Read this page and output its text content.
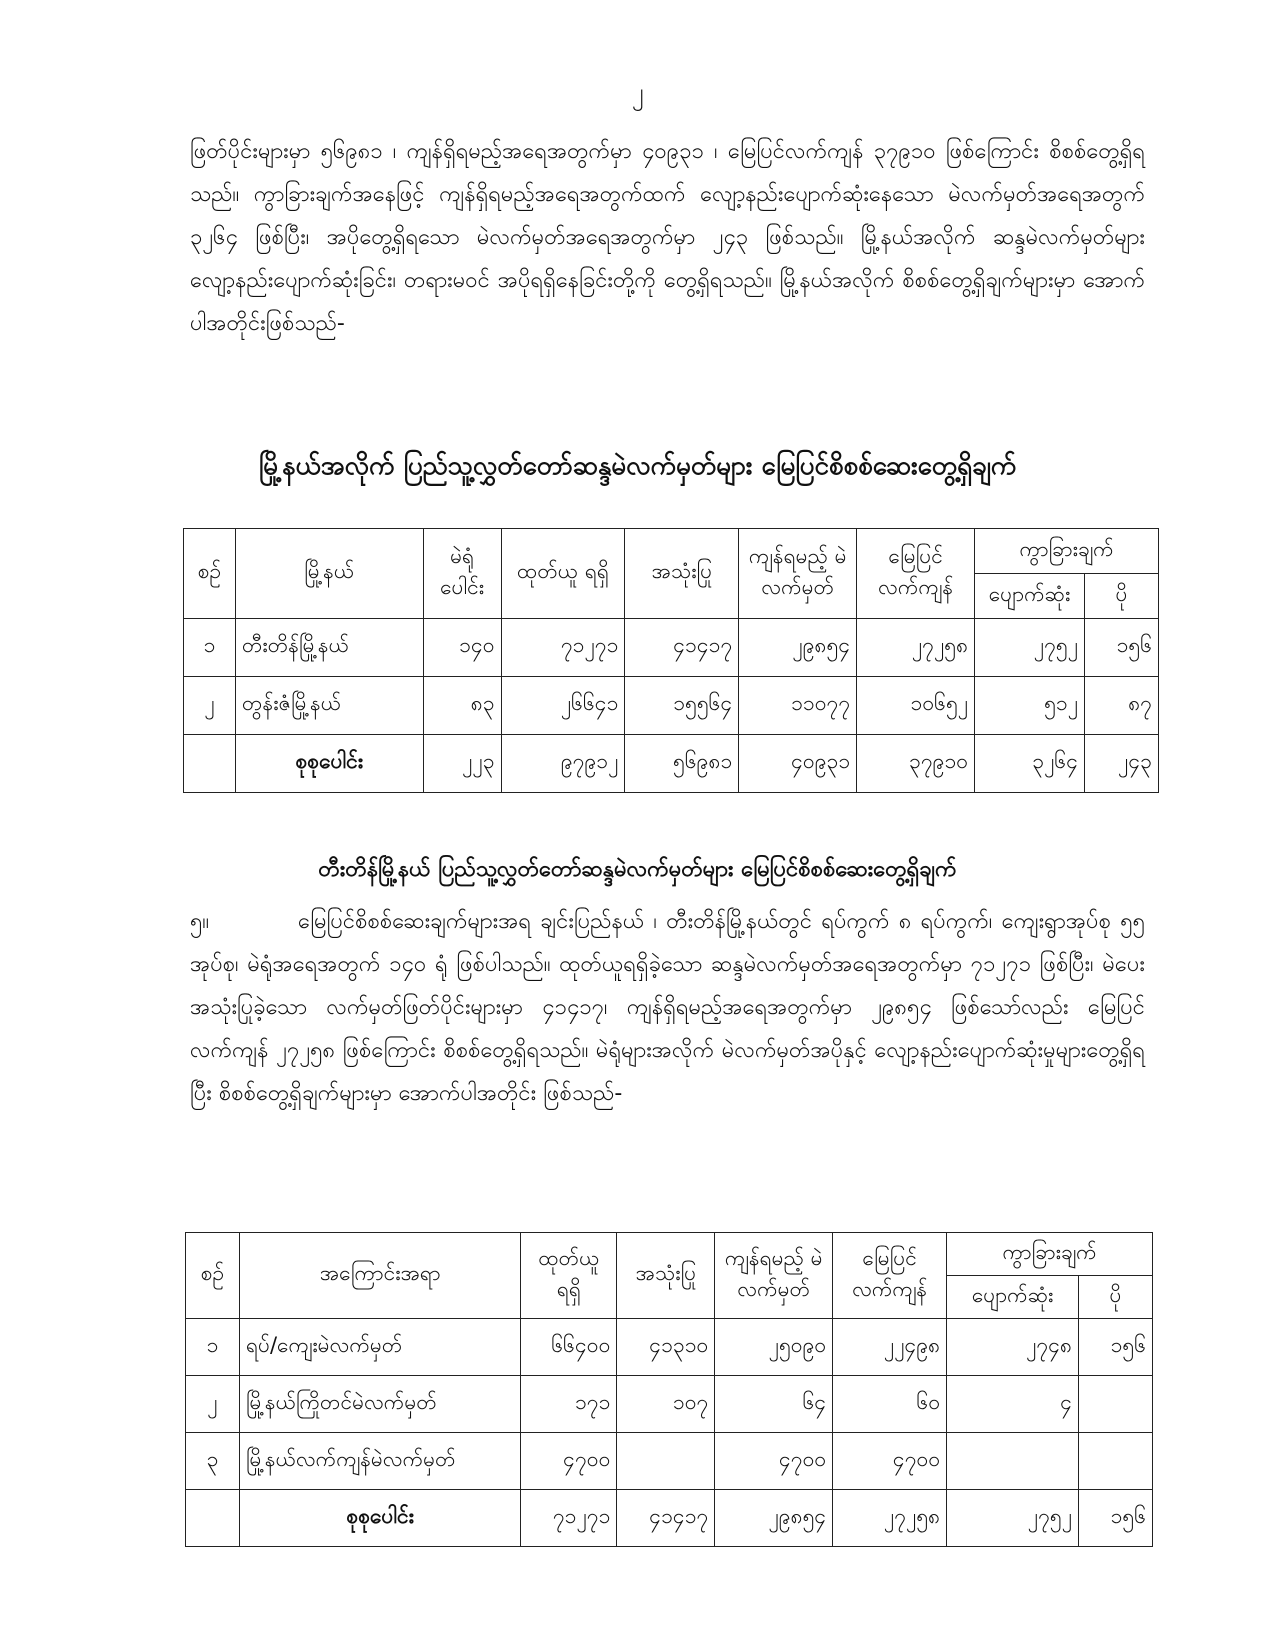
၂
ဖြတ်ပိုင်းများမှာ ၅၆၉၈၁ ၊ ကျန်ရှိရမည့်အရေအတွက်မှာ ၄၀၉၃၁ ၊ မြေပြင်လက်ကျန် ၃၇၉၁၀ ဖြစ်ကြောင်း စိစစ်တွေ့ရှိရသည်။ ကွာခြားချက်အနေဖြင့် ကျန်ရှိရမည့်အရေအတွက်ထက် လျော့နည်းပျောက်ဆုံးနေသော မဲလက်မှတ်အရေအတွက် ၃၂၆၄ ဖြစ်ပြီး၊ အပိုတွေ့ရှိရသော မဲလက်မှတ်အရေအတွက်မှာ ၂၄၃ ဖြစ်သည်။ မြို့နယ်အလိုက် ဆန္ဒမဲလက်မှတ်များ လျော့နည်းပျောက်ဆုံးခြင်း၊ တရားမဝင် အပိုရရှိနေခြင်းတို့ကို တွေ့ရှိရသည်။ မြို့နယ်အလိုက် စိစစ်တွေ့ရှိချက်များမှာ အောက်ပါအတိုင်းဖြစ်သည်-
မြို့နယ်အလိုက် ပြည်သူ့လွှတ်တော်ဆန္ဒမဲလက်မှတ်များ မြေပြင်စိစစ်ဆေးတွေ့ရှိချက်
စဉ်	မြို့နယ်	မဲရုံ ပေါင်း	ထုတ်ယူ ရရှိ	အသုံးပြု	ကျန်ရမည့် မဲလက်မှတ်	မြေပြင် လက်ကျန်	ကွာခြားချက်	
							ပျောက်ဆုံး	ပို
၁	တီးတိန်မြို့နယ်	၁၄၀	၇၁၂၇၁	၄၁၄၁၇	၂၉၈၅၄	၂၇၂၅၈	၂၇၅၂	၁၅၆
၂	တွန်းဇံမြို့နယ်	၈၃	၂၆၆၄၁	၁၅၅၆၄	၁၁၀၇၇	၁၀၆၅၂	၅၁၂	၈၇
	စုစုပေါင်း	၂၂၃	၉၇၉၁၂	၅၆၉၈၁	၄၀၉၃၁	၃၇၉၁၀	၃၂၆၄	၂၄၃
တီးတိန်မြို့နယ် ပြည်သူ့လွှတ်တော်ဆန္ဒမဲလက်မှတ်များ မြေပြင်စိစစ်ဆေးတွေ့ရှိချက်
၅။	မြေပြင်စိစစ်ဆေးချက်များအရ ချင်းပြည်နယ် ၊ တီးတိန်မြို့နယ်တွင် ရပ်ကွက် ၈ ရပ်ကွက်၊ ကျေးရွာအုပ်စု ၅၅ အုပ်စု၊ မဲရုံအရေအတွက် ၁၄၀ ရုံ ဖြစ်ပါသည်။ ထုတ်ယူရရှိခဲ့သော ဆန္ဒမဲလက်မှတ်အရေအတွက်မှာ ၇၁၂၇၁ ဖြစ်ပြီး၊ မဲပေးအသုံးပြုခဲ့သော လက်မှတ်ဖြတ်ပိုင်းများမှာ ၄၁၄၁၇၊ ကျန်ရှိရမည့်အရေအတွက်မှာ ၂၉၈၅၄ ဖြစ်သော်လည်း မြေပြင်လက်ကျန် ၂၇၂၅၈ ဖြစ်ကြောင်း စိစစ်တွေ့ရှိရသည်။ မဲရုံများအလိုက် မဲလက်မှတ်အပိုနှင့် လျော့နည်းပျောက်ဆုံးမှုများတွေ့ရှိရပြီး စိစစ်တွေ့ရှိချက်များမှာ အောက်ပါအတိုင်း ဖြစ်သည်-
စဉ်	အကြောင်းအရာ	ထုတ်ယူ ရရှိ	အသုံးပြု	ကျန်ရမည့် မဲလက်မှတ်	မြေပြင် လက်ကျန်	ကွာခြားချက်	
						ပျောက်ဆုံး	ပို
၁	ရပ်/ကျေးမဲလက်မှတ်	၆၆၄၀၀	၄၁၃၁၀	၂၅၀၉၀	၂၂၄၉၈	၂၇၄၈	၁၅၆
၂	မြို့နယ်ကြိုတင်မဲလက်မှတ်	၁၇၁	၁၀၇	၆၄	၆၀	၄	
၃	မြို့နယ်လက်ကျန်မဲလက်မှတ်	၄၇၀၀		၄၇၀၀	၄၇၀၀		
	စုစုပေါင်း	၇၁၂၇၁	၄၁၄၁၇	၂၉၈၅၄	၂၇၂၅၈	၂၇၅၂	၁၅၆
